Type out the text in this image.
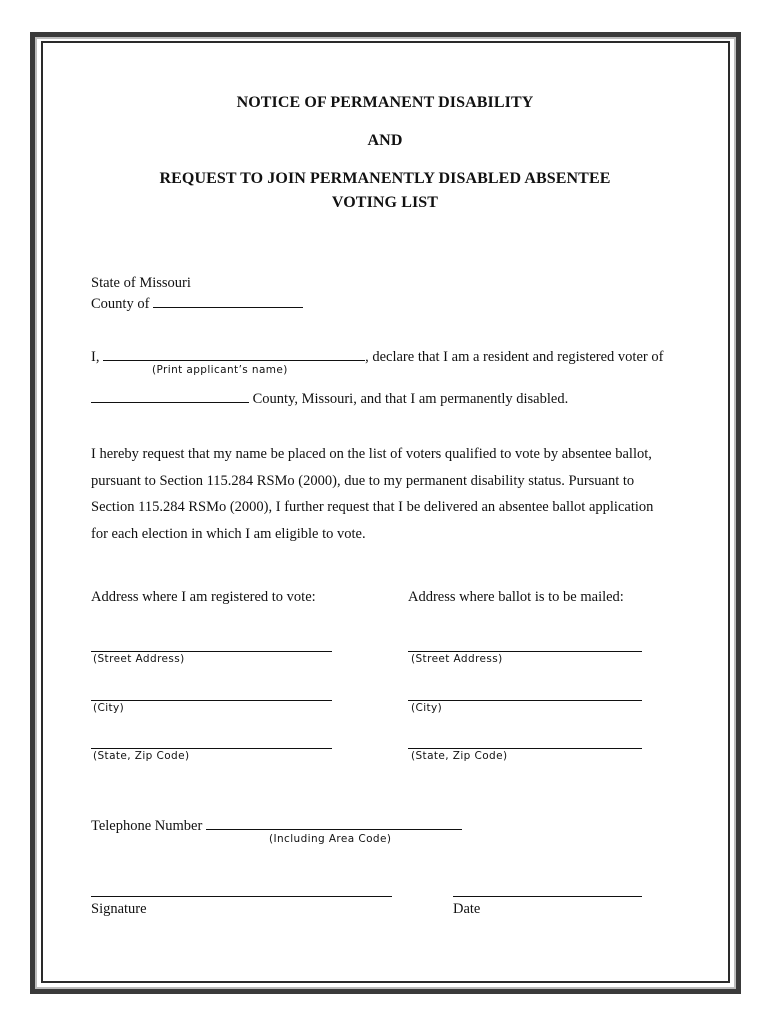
NOTICE OF PERMANENT DISABILITY
AND
REQUEST TO JOIN PERMANENTLY DISABLED ABSENTEE
VOTING LIST
State of Missouri
County of
I,	, declare that I am a resident and registered voter of
(Print applicant’s name)
County, Missouri, and that I am permanently disabled.
I hereby request that my name be placed on the list of voters qualified to vote by absentee ballot,
pursuant to Section 115.284 RSMo (2000), due to my permanent disability status. Pursuant to
Section 115.284 RSMo (2000), I further request that I be delivered an absentee ballot application
for each election in which I am eligible to vote.
Address where I am registered to vote:	Address where ballot is to be mailed:
(Street Address)	(Street Address)
(City)	(City)
(State, Zip Code)	(State, Zip Code)
Telephone Number
(Including Area Code)
Signature	Date
